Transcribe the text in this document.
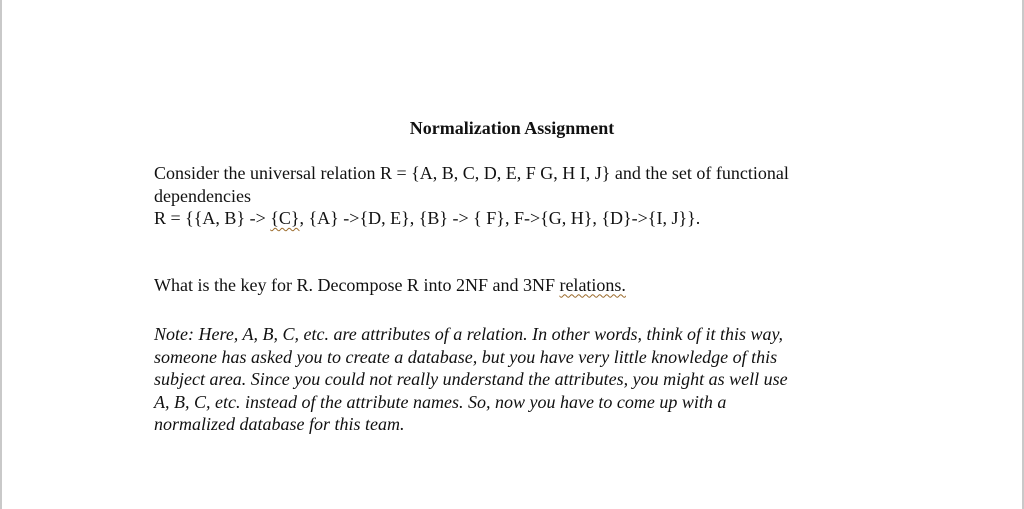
Normalization Assignment
Consider the universal relation R = {A, B, C, D, E, F G, H I, J} and the set of functional
dependencies
R = {{A, B} -> {C}, {A} ->{D, E}, {B} -> { F}, F->{G, H}, {D}->{I, J}}.
What is the key for R. Decompose R into 2NF and 3NF relations.
Note: Here, A, B, C, etc. are attributes of a relation. In other words, think of it this way,
someone has asked you to create a database, but you have very little knowledge of this
subject area. Since you could not really understand the attributes, you might as well use
A, B, C, etc. instead of the attribute names. So, now you have to come up with a
normalized database for this team.
